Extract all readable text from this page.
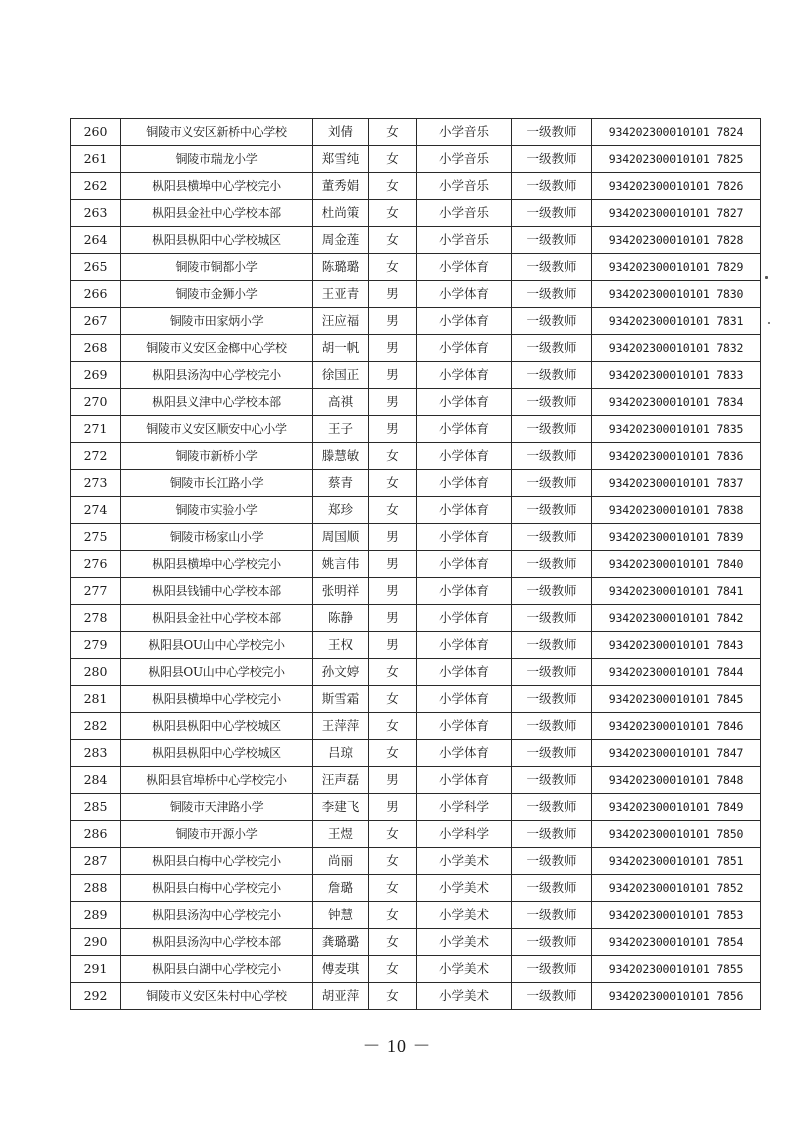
260	铜陵市义安区新桥中心学校	刘倩	女	小学音乐	一级教师	934202300010101 7824
261	铜陵市瑞龙小学	郑雪纯	女	小学音乐	一级教师	934202300010101 7825
262	枞阳县横埠中心学校完小	董秀娟	女	小学音乐	一级教师	934202300010101 7826
263	枞阳县金社中心学校本部	杜尚策	女	小学音乐	一级教师	934202300010101 7827
264	枞阳县枞阳中心学校城区	周金莲	女	小学音乐	一级教师	934202300010101 7828
265	铜陵市铜都小学	陈璐璐	女	小学体育	一级教师	934202300010101 7829
266	铜陵市金狮小学	王亚青	男	小学体育	一级教师	934202300010101 7830
267	铜陵市田家炳小学	汪应福	男	小学体育	一级教师	934202300010101 7831
268	铜陵市义安区金榔中心学校	胡一帆	男	小学体育	一级教师	934202300010101 7832
269	枞阳县汤沟中心学校完小	徐国正	男	小学体育	一级教师	934202300010101 7833
270	枞阳县义津中心学校本部	高祺	男	小学体育	一级教师	934202300010101 7834
271	铜陵市义安区顺安中心小学	王子	男	小学体育	一级教师	934202300010101 7835
272	铜陵市新桥小学	滕慧敏	女	小学体育	一级教师	934202300010101 7836
273	铜陵市长江路小学	蔡青	女	小学体育	一级教师	934202300010101 7837
274	铜陵市实验小学	郑珍	女	小学体育	一级教师	934202300010101 7838
275	铜陵市杨家山小学	周国顺	男	小学体育	一级教师	934202300010101 7839
276	枞阳县横埠中心学校完小	姚言伟	男	小学体育	一级教师	934202300010101 7840
277	枞阳县钱铺中心学校本部	张明祥	男	小学体育	一级教师	934202300010101 7841
278	枞阳县金社中心学校本部	陈静	男	小学体育	一级教师	934202300010101 7842
279	枞阳县OU山中心学校完小	王权	男	小学体育	一级教师	934202300010101 7843
280	枞阳县OU山中心学校完小	孙文婷	女	小学体育	一级教师	934202300010101 7844
281	枞阳县横埠中心学校完小	斯雪霜	女	小学体育	一级教师	934202300010101 7845
282	枞阳县枞阳中心学校城区	王萍萍	女	小学体育	一级教师	934202300010101 7846
283	枞阳县枞阳中心学校城区	吕琼	女	小学体育	一级教师	934202300010101 7847
284	枞阳县官埠桥中心学校完小	汪声磊	男	小学体育	一级教师	934202300010101 7848
285	铜陵市天津路小学	李建飞	男	小学科学	一级教师	934202300010101 7849
286	铜陵市开源小学	王煜	女	小学科学	一级教师	934202300010101 7850
287	枞阳县白梅中心学校完小	尚丽	女	小学美术	一级教师	934202300010101 7851
288	枞阳县白梅中心学校完小	詹璐	女	小学美术	一级教师	934202300010101 7852
289	枞阳县汤沟中心学校完小	钟慧	女	小学美术	一级教师	934202300010101 7853
290	枞阳县汤沟中心学校本部	龚璐璐	女	小学美术	一级教师	934202300010101 7854
291	枞阳县白湖中心学校完小	傅麦琪	女	小学美术	一级教师	934202300010101 7855
292	铜陵市义安区朱村中心学校	胡亚萍	女	小学美术	一级教师	934202300010101 7856
－ 10 －
